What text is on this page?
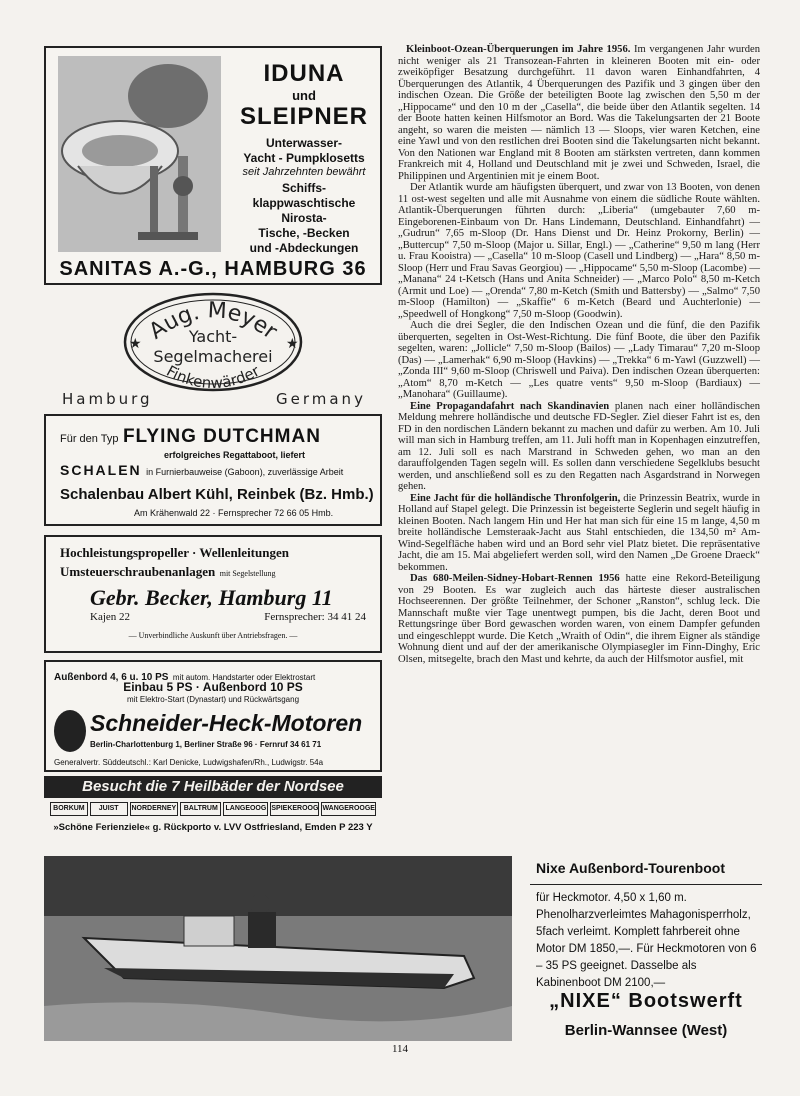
IDUNA
und
SLEIPNER
Unterwasser-
Yacht - Pumpklosetts
seit Jahrzehnten bewährt
Schiffs-
klappwaschtische
Nirosta-
Tische, -Becken
und -Abdeckungen
SANITAS A.-G., HAMBURG 36
★	★
Aug. Meyer
Yacht-
Segelmacherei
Finkenwärder
Hamburg	Germany
Für den Typ FLYING DUTCHMAN
erfolgreiches Regattaboot, liefert
SCHALEN in Furnierbauweise (Gaboon), zuverlässige Arbeit
Schalenbau Albert Kühl, Reinbek (Bz. Hmb.)
Am Krähenwald 22 · Fernsprecher 72 66 05 Hmb.
Hochleistungspropeller · Wellenleitungen
Umsteuerschraubenanlagen mit Segelstellung
Gebr. Becker, Hamburg 11
Kajen 22	Fernsprecher: 34 41 24
— Unverbindliche Auskunft über Antriebsfragen. —
Außenbord 4, 6 u. 10 PS mit autom. Handstarter oder Elektrostart
Einbau 5 PS · Außenbord 10 PS
mit Elektro-Start (Dynastart) und Rückwärtsgang
Schneider-Heck-Motoren
Berlin-Charlottenburg 1, Berliner Straße 96 · Fernruf 34 61 71
Generalvertr. Süddeutschl.: Karl Denicke, Ludwigshafen/Rh., Ludwigstr. 54a
Besucht die 7 Heilbäder der Nordsee
BORKUM	JUIST	NORDERNEY	BALTRUM	LANGEOOG SPIEKEROOG WANGEROOGE
»Schöne Ferienziele« g. Rückporto v. LVV Ostfriesland, Emden P 223 Y

Kleinboot-Ozean-Überquerungen im Jahre 1956. Im vergangenen Jahr wurden nicht weniger als 21 Transozean-Fahrten in kleineren Booten mit ein- oder zweiköpfiger Besatzung durchgeführt. 11 davon waren Einhandfahrten, 4 Überquerungen des Atlantik, 4 Überquerungen des Pazifik und 3 gingen über den indischen Ozean. Die Größe der beteiligten Boote lag zwischen den 5,50 m der „Hippocame“ und den 10 m der „Casella“, die beide über den Atlantik segelten. 14 der Boote hatten keinen Hilfsmotor an Bord. Was die Takelungsarten der 21 Boote angeht, so waren die meisten — nämlich 13 — Sloops, vier waren Ketchen, eine eine Yawl und von den restlichen drei Booten sind die Takelungsarten nicht bekannt. Von den Nationen war England mit 8 Booten am stärksten vertreten, dann kommen Frankreich mit 4, Holland und Deutschland mit je zwei und Schweden, Israel, die Philippinen und Argentinien mit je einem Boot.

Der Atlantik wurde am häufigsten überquert, und zwar von 13 Booten, von denen 11 ost-west segelten und alle mit Ausnahme von einem die südliche Route wählten. Atlantik-Überquerungen führten durch: „Liberia“ (umgebauter 7,60 m-Eingeborenen-Einbaum von Dr. Hans Lindemann, Deutschland. Einhandfahrt) — „Gudrun“ 7,65 m-Sloop (Dr. Hans Dienst und Dr. Heinz Prokorny, Berlin) — „Buttercup“ 7,50 m-Sloop (Major u. Sillar, Engl.) — „Catherine“ 9,50 m lang (Herr u. Frau Kooistra) — „Casella“ 10 m-Sloop (Casell und Lindberg) — „Hara“ 8,50 m-Sloop (Herr und Frau Savas Georgiou) — „Hippocame“ 5,50 m-Sloop (Lacombe) — „Manana“ 24 t-Ketsch (Hans und Anita Schneider) — „Marco Polo“ 8,50 m-Ketch (Armit und Loe) — „Orenda“ 7,80 m-Ketch (Smith und Battersby) — „Salmo“ 7,50 m-Sloop (Hamilton) — „Skaffie“ 6 m-Ketch (Beard und Auchterlonie) — „Speedwell of Hongkong“ 7,50 m-Sloop (Goodwin).

Auch die drei Segler, die den Indischen Ozean und die fünf, die den Pazifik überquerten, segelten in Ost-West-Richtung. Die fünf Boote, die über den Pazifik segelten, waren: „Jollicle“ 7,50 m-Sloop (Bailos) — „Lady Timarau“ 7,20 m-Sloop (Das) — „Lamerhak“ 6,90 m-Sloop (Havkins) — „Trekka“ 6 m-Yawl (Guzzwell) — „Zonda III“ 9,60 m-Sloop (Chriswell und Paiva). Den indischen Ozean überquerten: „Atom“ 8,70 m-Ketch — „Les quatre vents“ 9,50 m-Sloop (Bardiaux) — „Manohara“ (Guillaume).

Eine Propagandafahrt nach Skandinavien planen nach einer holländischen Meldung mehrere holländische und deutsche FD-Segler. Ziel dieser Fahrt ist es, den FD in den nordischen Ländern bekannt zu machen und dafür zu werben. Am 10. Juli will man sich in Hamburg treffen, am 11. Juli hofft man in Kopenhagen einzutreffen, am 12. Juli soll es nach Marstrand in Schweden gehen, wo man an den darauffolgenden Tagen segeln will. Es sollen dann verschiedene Segelklubs besucht werden, und anschließend soll es zu den Regatten nach Asgardstrand in Norwegen gehen.

Eine Jacht für die holländische Thronfolgerin, die Prinzessin Beatrix, wurde in Holland auf Stapel gelegt. Die Prinzessin ist begeisterte Seglerin und segelt häufig in kleinen Booten. Nach langem Hin und Her hat man sich für eine 15 m lange, 4,50 m breite holländische Lemsteraak-Jacht aus Stahl entschieden, die 134,50 m² Am-Wind-Segelfläche haben wird und an Bord sehr viel Platz bietet. Die repräsentative Jacht, die am 15. Mai abgeliefert werden soll, wird den Namen „De Groene Draeck“ bekommen.

Das 680-Meilen-Sidney-Hobart-Rennen 1956 hatte eine Rekord-Beteiligung von 29 Booten. Es war zugleich auch das härteste dieser australischen Hochseerennen. Der größte Teilnehmer, der Schoner „Ranston“, schlug leck. Die Mannschaft mußte vier Tage unentwegt pumpen, bis die Jacht, deren Boot und Rettungsringe über Bord gewaschen worden waren, von einem Dampfer gefunden und eingeschleppt wurde. Die Ketch „Wraith of Odin“, die ihrem Eigner als ständige Wohnung dient und auf der der amerikanische Olympiasegler im Finn-Dinghy, Eric Olsen, mitsegelte, brach den Mast und kehrte, da auch der Hilfsmotor ausfiel, mit

Nixe Außenbord-Tourenboot
für Heckmotor. 4,50 x 1,60 m. Phenolharzverleimtes Mahagonisperrholz, 5fach verleimt. Komplett fahrbereit ohne Motor DM 1850,—. Für Heckmotoren von 6 – 35 PS geeignet. Dasselbe als Kabinenboot DM 2100,—
„NIXE“ Bootswerft
Berlin-Wannsee (West)
114
